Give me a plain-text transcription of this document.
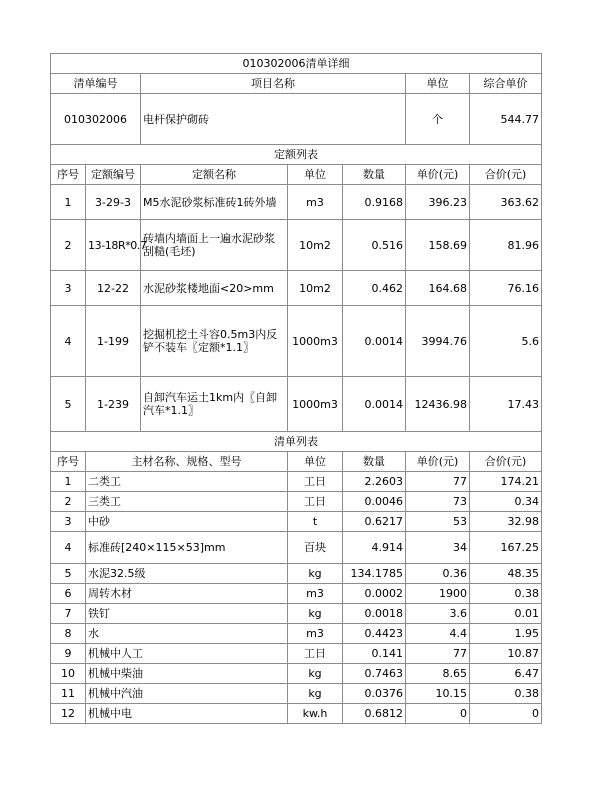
010302006清单详细						
清单编号		项目名称			单位	综合单价
010302006		电杆保护砌砖			个	544.77
定额列表						
序号	定额编号	定额名称	单位	数量	单价(元)	合价(元)
1	3-29-3	M5水泥砂浆标准砖1砖外墙	m3	0.9168	396.23	363.62
2	13-18R*0.7	砖墙内墙面上一遍水泥砂浆刮糙(毛坯)	10m2	0.516	158.69	81.96
3	12-22	水泥砂浆楼地面<20>mm	10m2	0.462	164.68	76.16
4	1-199	挖掘机挖土斗容0.5m3内反铲不装车〖定额*1.1〗	1000m3	0.0014	3994.76	5.6
5	1-239	自卸汽车运土1km内〖自卸汽车*1.1〗	1000m3	0.0014	12436.98	17.43
清单列表						
序号	主材名称、规格、型号		单位	数量	单价(元)	合价(元)
1	二类工		工日	2.2603	77	174.21
2	三类工		工日	0.0046	73	0.34
3	中砂		t	0.6217	53	32.98
4	标准砖[240×115×53]mm		百块	4.914	34	167.25
5	水泥32.5级		kg	134.1785	0.36	48.35
6	周转木材		m3	0.0002	1900	0.38
7	铁钉		kg	0.0018	3.6	0.01
8	水		m3	0.4423	4.4	1.95
9	机械中人工		工日	0.141	77	10.87
10	机械中柴油		kg	0.7463	8.65	6.47
11	机械中汽油		kg	0.0376	10.15	0.38
12	机械中电		kw.h	0.6812	0	0
